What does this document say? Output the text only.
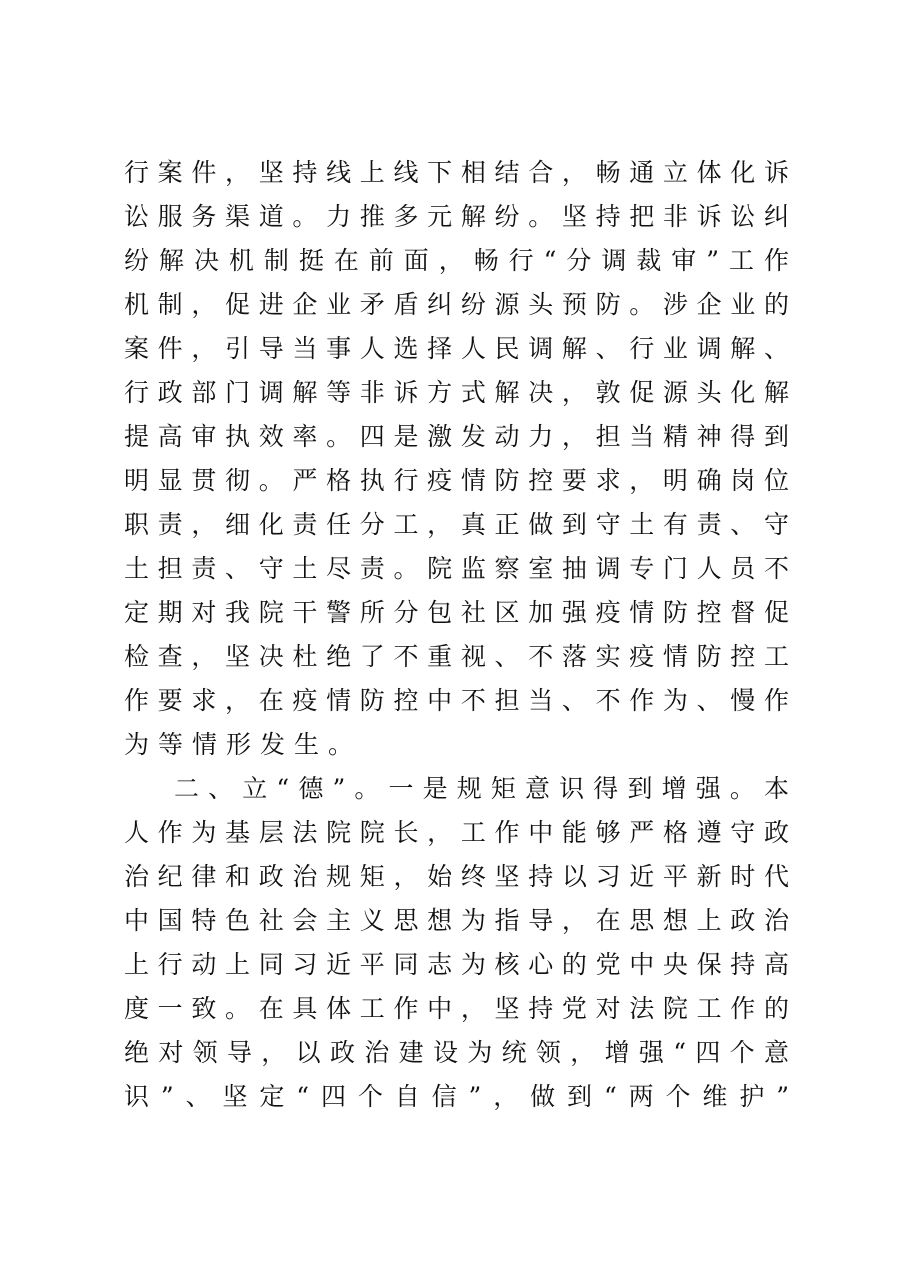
行案件，坚持线上线下相结合，畅通立体化诉
讼服务渠道。力推多元解纷。坚持把非诉讼纠
纷解决机制挺在前面，畅行“分调裁审”工作
机制，促进企业矛盾纠纷源头预防。涉企业的
案件，引导当事人选择人民调解、行业调解、
行政部门调解等非诉方式解决，敦促源头化解
提高审执效率。四是激发动力，担当精神得到
明显贯彻。严格执行疫情防控要求，明确岗位
职责，细化责任分工，真正做到守土有责、守
土担责、守土尽责。院监察室抽调专门人员不
定期对我院干警所分包社区加强疫情防控督促
检查，坚决杜绝了不重视、不落实疫情防控工
作要求，在疫情防控中不担当、不作为、慢作
为等情形发生。
二、立“德”。一是规矩意识得到增强。本
人作为基层法院院长，工作中能够严格遵守政
治纪律和政治规矩，始终坚持以习近平新时代
中国特色社会主义思想为指导，在思想上政治
上行动上同习近平同志为核心的党中央保持高
度一致。在具体工作中，坚持党对法院工作的
绝对领导，以政治建设为统领，增强“四个意
识”、坚定“四个自信”，做到“两个维护”
